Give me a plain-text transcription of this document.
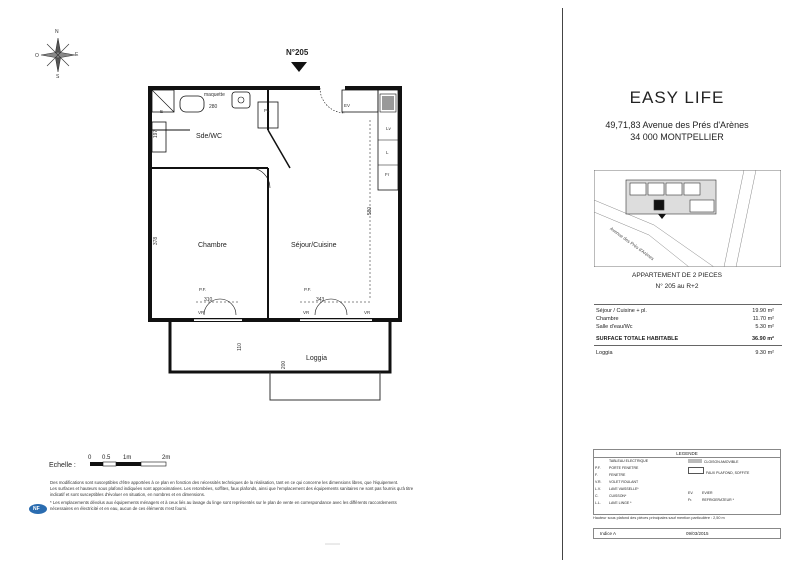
N
E
S
O	N°205
Sde/WC
Chambre	Séjour/Cuisine
Loggia
maquette
280
197
378
580
310	343
110
200
P.F.	P.F.
VR	VR	VR
PL
EV
L
Lv
Fr
E
Echelle :
0 0.5 1m	2m
Des modifications sont susceptibles d'être apportées à ce plan en fonction des nécessités techniques de la réalisation, tant en ce qui concerne les dimensions libres, que l'équipement.
Les surfaces et hauteurs sous plafond indiquées sont approximatives. Les retombées, soffites, faux plafonds, ainsi que l'emplacement des équipements sanitaires ne sont pas fournis qu'à titre indicatif et sont susceptibles d'évoluer en situation, en nombres et en dimensions.
* Les emplacements dévolus aux équipements ménagers et à ceux liés au lavage du linge sont représentés sur le plan de vente en correspondance avec les différents raccordements nécessaires en électricité et en eau, aucun de ces éléments n'est fourni.
NF
EASY LIFE
49,71,83 Avenue des Prés d'Arènes
34 000 MONTPELLIER
Avenue des Prés d'Arènes
APPARTEMENT DE 2 PIECES
N° 205 au R+2
Séjour / Cuisine + pl.	19.90 m²
Chambre	11.70 m²
Salle d'eau/Wc	5.30 m²
SURFACE TOTALE HABITABLE	36.90 m²
Loggia	9.30 m²
LEGENDE
TABLEAU ELECTRIQUE
P.F. PORTE FENETRE
F.	FENETRE
V.R. VOLET ROULANT
L.V. LAVE VAISSELLE*
C.	CUISSON*
L.L. LAVE LINGE *
CLOISON AMOVIBLE
FAUX PLAFOND, SOFFITE
EV. EVIER
Fr.	REFRIGERATEUR *
Hauteur sous plafond des pièces principales sauf mention particulière : 2,50 m
Indice A	09/03/2015
